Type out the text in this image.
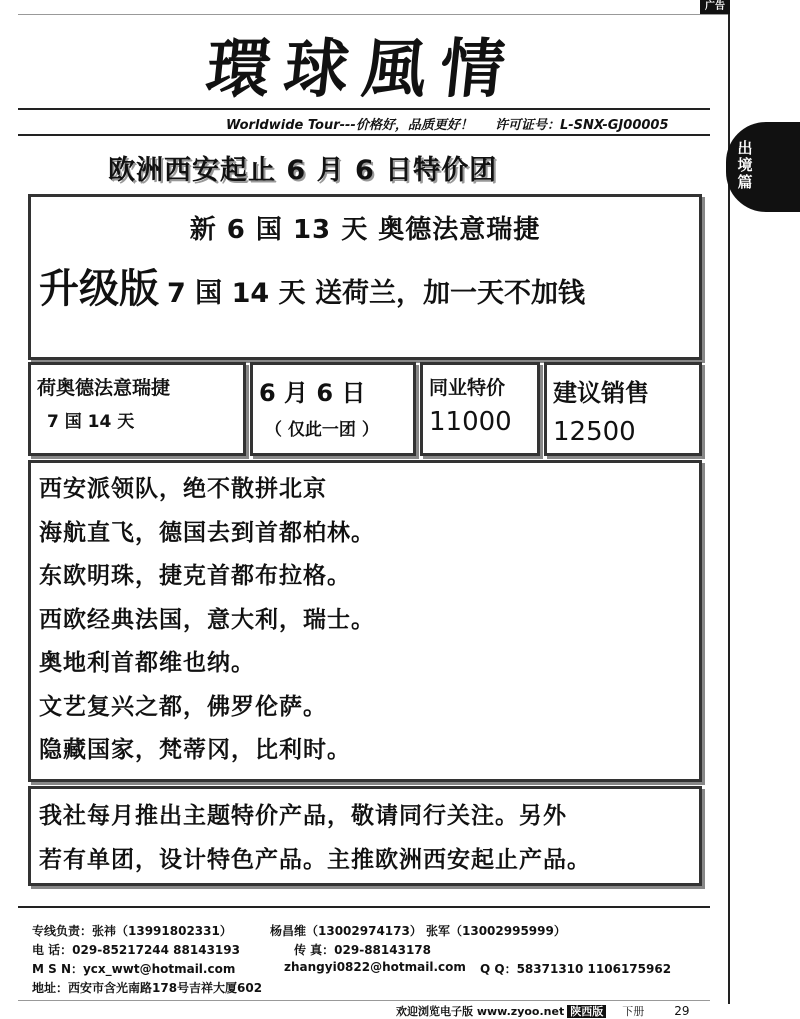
广告
出境篇
環球風情
Worldwide Tour---价格好，品质更好！ 许可证号：L-SNX-GJ00005
欧洲西安起止 6 月 6 日特价团
新 6 国 13 天 奥德法意瑞捷
升级版 7 国 14 天 送荷兰，加一天不加钱
荷奥德法意瑞捷
7 国 14 天
6 月 6 日
（ 仅此一团 ）
同业特价
11000
建议销售
12500
西安派领队，绝不散拼北京
海航直飞，德国去到首都柏林。
东欧明珠，捷克首都布拉格。
西欧经典法国，意大利，瑞士。
奥地利首都维也纳。
文艺复兴之都，佛罗伦萨。
隐藏国家，梵蒂冈，比利时。

我社每月推出主题特价产品，敬请同行关注。另外

若有单团，设计特色产品。主推欧洲西安起止产品。

专线负责：张祎（13991802331）	杨昌维（13002974173） 张军（13002995999）
电 话：029-85217244 88143193	传 真：029-88143178
M S N：ycx_wwt@hotmail.com	zhangyi0822@hotmail.com Q Q：58371310 1106175962
地址：西安市含光南路178号吉祥大厦602
欢迎浏览电子版 www.zyoo.net 陕西版 下册	29
